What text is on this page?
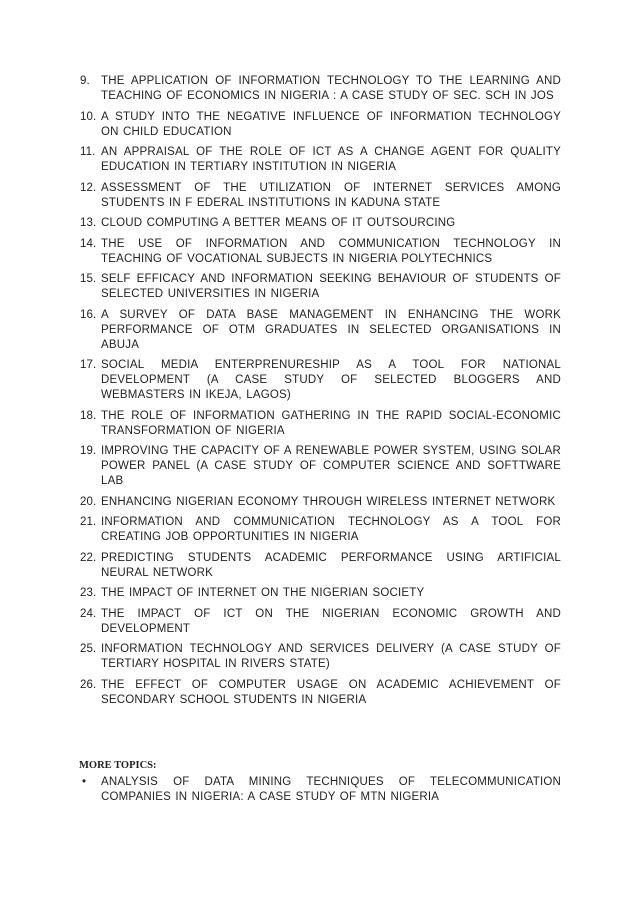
9. THE APPLICATION OF INFORMATION TECHNOLOGY TO THE LEARNING AND TEACHING OF ECONOMICS IN NIGERIA : A CASE STUDY OF SEC. SCH IN JOS
10. A STUDY INTO THE NEGATIVE INFLUENCE OF INFORMATION TECHNOLOGY ON CHILD EDUCATION
11. AN APPRAISAL OF THE ROLE OF ICT AS A CHANGE AGENT FOR QUALITY EDUCATION IN TERTIARY INSTITUTION IN NIGERIA
12. ASSESSMENT OF THE UTILIZATION OF INTERNET SERVICES AMONG STUDENTS IN F EDERAL INSTITUTIONS IN KADUNA STATE
13. CLOUD COMPUTING A BETTER MEANS OF IT OUTSOURCING
14. THE USE OF INFORMATION AND COMMUNICATION TECHNOLOGY IN TEACHING OF VOCATIONAL SUBJECTS IN NIGERIA POLYTECHNICS
15. SELF EFFICACY AND INFORMATION SEEKING BEHAVIOUR OF STUDENTS OF SELECTED UNIVERSITIES IN NIGERIA
16. A SURVEY OF DATA BASE MANAGEMENT IN ENHANCING THE WORK PERFORMANCE OF OTM GRADUATES IN SELECTED ORGANISATIONS IN ABUJA
17. SOCIAL MEDIA ENTERPRENURESHIP AS A TOOL FOR NATIONAL DEVELOPMENT (A CASE STUDY OF SELECTED BLOGGERS AND WEBMASTERS IN IKEJA, LAGOS)
18. THE ROLE OF INFORMATION GATHERING IN THE RAPID SOCIAL-ECONOMIC TRANSFORMATION OF NIGERIA
19. IMPROVING THE CAPACITY OF A RENEWABLE POWER SYSTEM, USING SOLAR POWER PANEL (A CASE STUDY OF COMPUTER SCIENCE AND SOFTTWARE LAB
20. ENHANCING NIGERIAN ECONOMY THROUGH WIRELESS INTERNET NETWORK
21. INFORMATION AND COMMUNICATION TECHNOLOGY AS A TOOL FOR CREATING JOB OPPORTUNITIES IN NIGERIA
22. PREDICTING STUDENTS ACADEMIC PERFORMANCE USING ARTIFICIAL NEURAL NETWORK
23. THE IMPACT OF INTERNET ON THE NIGERIAN SOCIETY
24. THE IMPACT OF ICT ON THE NIGERIAN ECONOMIC GROWTH AND DEVELOPMENT
25. INFORMATION TECHNOLOGY AND SERVICES DELIVERY (A CASE STUDY OF TERTIARY HOSPITAL IN RIVERS STATE)
26. THE EFFECT OF COMPUTER USAGE ON ACADEMIC ACHIEVEMENT OF SECONDARY SCHOOL STUDENTS IN NIGERIA
MORE TOPICS:
• ANALYSIS OF DATA MINING TECHNIQUES OF TELECOMMUNICATION COMPANIES IN NIGERIA: A CASE STUDY OF MTN NIGERIA
